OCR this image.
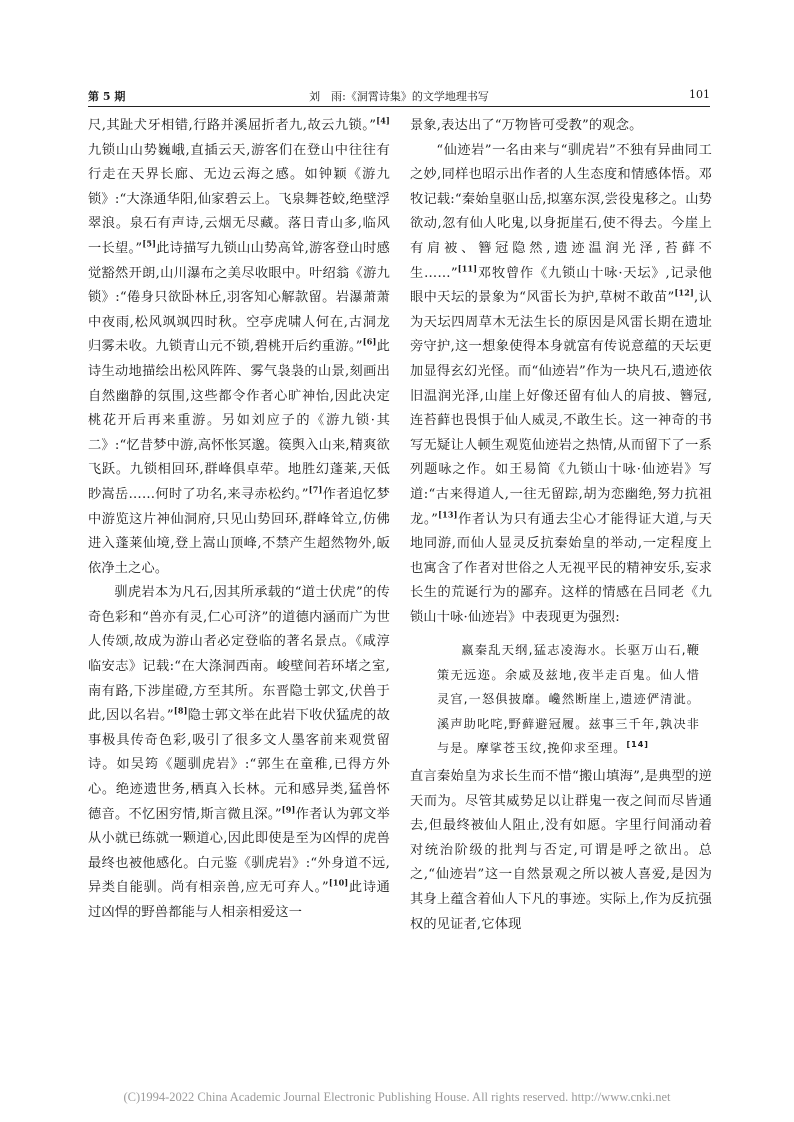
第 5 期	刘　雨:《洞霄诗集》的文学地理书写	101

尺,其趾犬牙相错,行路并溪屈折者九,故云九锁。”[4]九锁山山势巍峨,直插云天,游客们在登山中往往有行走在天界长廊、无边云海之感。如钟颖《游九锁》:“大涤通华阳,仙家碧云上。飞泉舞苍蛟,绝壁浮翠浪。泉石有声诗,云烟无尽藏。落日青山多,临风一长望。”[5]此诗描写九锁山山势高耸,游客登山时感觉豁然开朗,山川瀑布之美尽收眼中。叶绍翁《游九锁》:“倦身只欲卧林丘,羽客知心解款留。岩瀑萧萧中夜雨,松风飒飒四时秋。空亭虎啸人何在,古洞龙归雾未收。九锁青山元不锁,碧桃开后约重游。”[6]此诗生动地描绘出松风阵阵、雾气袅袅的山景,刻画出自然幽静的氛围,这些都令作者心旷神怡,因此决定桃花开后再来重游。另如刘应子的《游九锁·其二》:“忆昔梦中游,高怀怅冥邈。篌舆入山来,精爽欲飞跃。九锁相回环,群峰俱卓荦。地胜幻蓬莱,天低眇嵩岳……何时了功名,来寻赤松约。”[7]作者追忆梦中游览这片神仙洞府,只见山势回环,群峰耸立,仿佛进入蓬莱仙境,登上嵩山顶峰,不禁产生超然物外,皈依净土之心。

驯虎岩本为凡石,因其所承载的“道士伏虎”的传奇色彩和“兽亦有灵,仁心可济”的道德内涵而广为世人传颂,故成为游山者必定登临的著名景点。《咸淳临安志》记载:“在大涤洞西南。峻壁间若环堵之室,南有路,下涉崖磴,方至其所。东晋隐士郭文,伏兽于此,因以名岩。”[8]隐士郭文举在此岩下收伏猛虎的故事极具传奇色彩,吸引了很多文人墨客前来观赏留诗。如吴筠《题驯虎岩》:“郭生在童稚,已得方外心。绝迹遗世务,栖真入长林。元和感异类,猛兽怀德音。不忆困穷情,斯言微且深。”[9]作者认为郭文举从小就已练就一颗道心,因此即使是至为凶悍的虎兽最终也被他感化。白元鉴《驯虎岩》:“外身道不远,异类自能驯。尚有相亲兽,应无可弃人。”[10]此诗通过凶悍的野兽都能与人相亲相爱这一

景象,表达出了“万物皆可受教”的观念。

“仙迹岩”一名由来与“驯虎岩”不独有异曲同工之妙,同样也昭示出作者的人生态度和情感体悟。邓牧记载:“秦始皇驱山岳,拟塞东溟,尝役鬼移之。山势欲动,忽有仙人叱鬼,以身扼崖石,使不得去。今崖上有肩被、簪冠隐然,遗迹温润光泽,苔藓不生……”[11]邓牧曾作《九锁山十咏·天坛》,记录他眼中天坛的景象为“风雷长为护,草树不敢苗”[12],认为天坛四周草木无法生长的原因是风雷长期在遗址旁守护,这一想象使得本身就富有传说意蕴的天坛更加显得玄幻光怪。而“仙迹岩”作为一块凡石,遗迹依旧温润光泽,山崖上好像还留有仙人的肩披、簪冠,连苔藓也畏惧于仙人威灵,不敢生长。这一神奇的书写无疑让人顿生观览仙迹岩之热情,从而留下了一系列题咏之作。如王易简《九锁山十咏·仙迹岩》写道:“古来得道人,一往无留踪,胡为恋幽绝,努力抗祖龙。”[13]作者认为只有通去尘心才能得证大道,与天地同游,而仙人显灵反抗秦始皇的举动,一定程度上也寓含了作者对世俗之人无视平民的精神安乐,妄求长生的荒诞行为的鄙弃。这样的情感在吕同老《九锁山十咏·仙迹岩》中表现更为强烈:

嬴秦乱天纲,猛志凌海水。长驱万山石,鞭策无远迩。余威及兹地,夜半走百鬼。仙人惜灵宫,一怒俱披靡。巉然断崖上,遗迹俨清泚。溪声助叱咤,野藓避冠履。兹事三千年,孰决非与是。摩挲苍玉纹,挽仰求至理。[14]

直言秦始皇为求长生而不惜“搬山填海”,是典型的逆天而为。尽管其威势足以让群鬼一夜之间而尽皆通去,但最终被仙人阻止,没有如愿。字里行间涌动着对统治阶级的批判与否定,可谓是呼之欲出。总之,“仙迹岩”这一自然景观之所以被人喜爱,是因为其身上蕴含着仙人下凡的事迹。实际上,作为反抗强权的见证者,它体现

(C)1994-2022 China Academic Journal Electronic Publishing House. All rights reserved. http://www.cnki.net
